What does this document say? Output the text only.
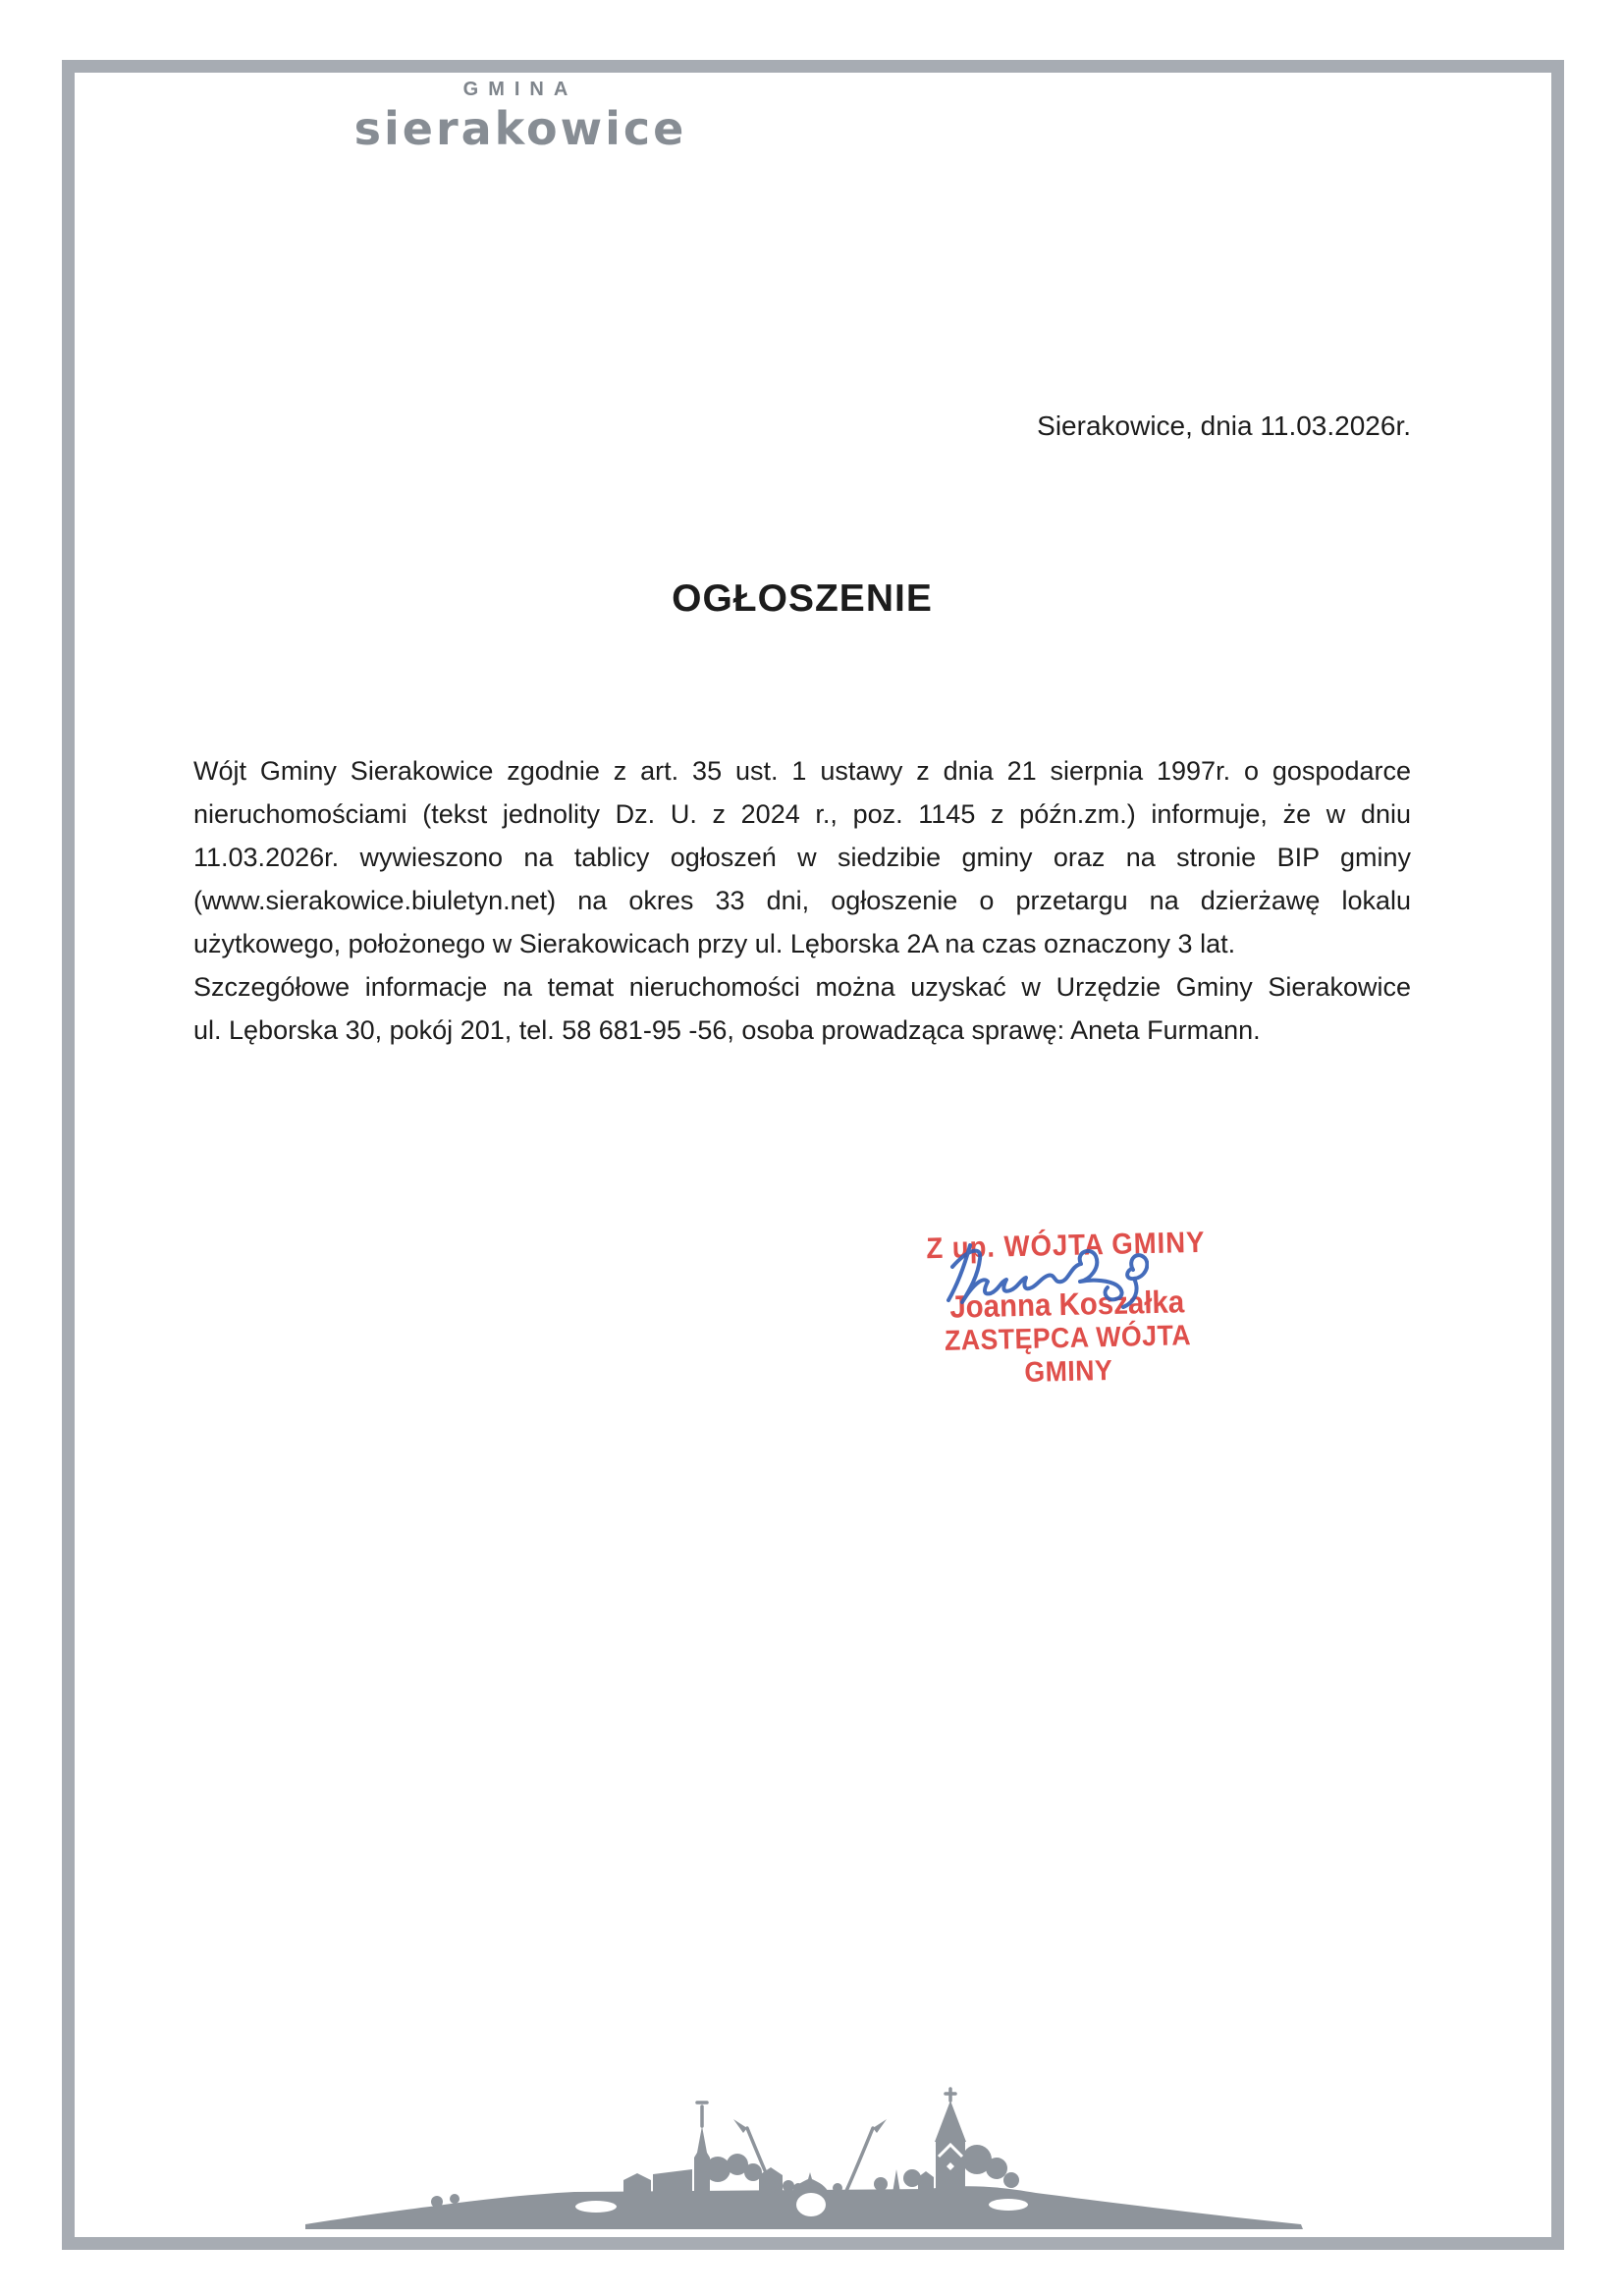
GMINA
sierakowice
Sierakowice, dnia 11.03.2026r.
OGŁOSZENIE
Wójt Gminy Sierakowice zgodnie z art. 35 ust. 1 ustawy z dnia 21 sierpnia 1997r. o gospodarce
nieruchomościami (tekst jednolity Dz. U. z 2024 r., poz. 1145 z późn.zm.) informuje, że w dniu
11.03.2026r. wywieszono na tablicy ogłoszeń w siedzibie gminy oraz na stronie BIP gminy
(www.sierakowice.biuletyn.net) na okres 33 dni, ogłoszenie o przetargu na dzierżawę lokalu
użytkowego, położonego w Sierakowicach przy ul. Lęborska 2A na czas oznaczony 3 lat.
Szczegółowe informacje na temat nieruchomości można uzyskać w Urzędzie Gminy Sierakowice
ul. Lęborska 30, pokój 201, tel. 58 681-95 -56, osoba prowadząca sprawę: Aneta Furmann.
Z up. WÓJTA GMINY
Joanna Koszałka
ZASTĘPCA WÓJTA GMINY
